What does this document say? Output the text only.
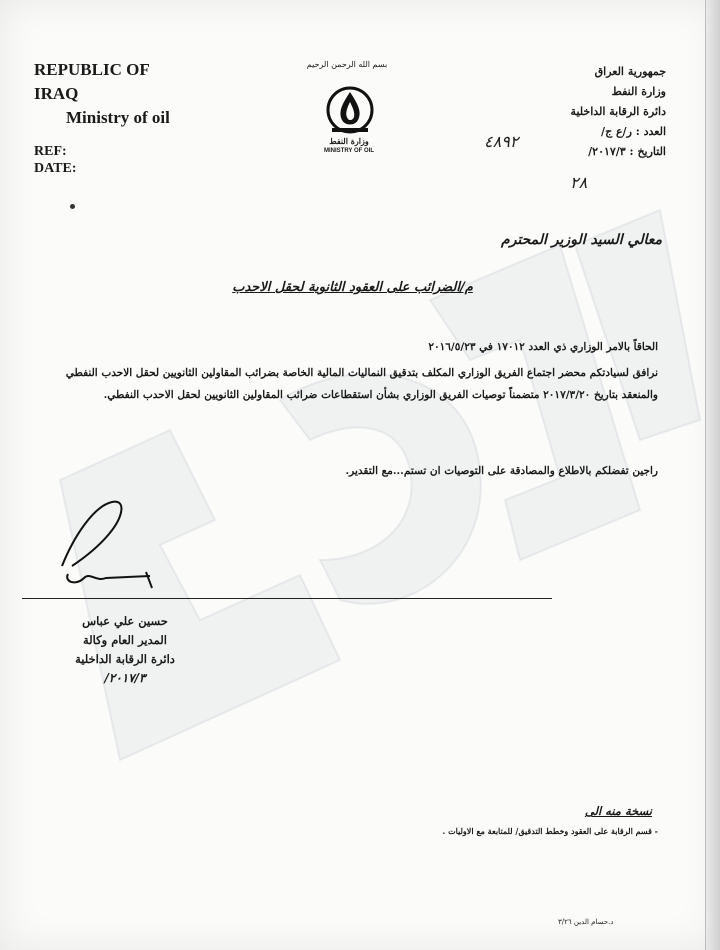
REPUBLIC OF
IRAQ
Ministry of oil
REF:
DATE:
بسم الله الرحمن الرحيم
وزارة النفط
MINISTRY OF OIL
جمهورية العراق
وزارة النفط
دائرة الرقابة الداخلية
العدد : ر/ع ج/
التاريخ : ٢٠١٧/٣/
٤٨٩٢
٢٨
معالي السيد الوزير المحترم
م/الضرائب على العقود الثانوية لحقل الاحدب
الحاقاً بالامر الوزاري ذي العدد ١٧٠١٢ في ٢٠١٦/٥/٢٣
نرافق لسيادتكم محضر اجتماع الفريق الوزاري المكلف بتدقيق النماليات المالية الخاصة بضرائب المقاولين الثانويين لحقل الاحدب النفطي والمنعقد بتاريخ ٢٠١٧/٣/٢٠ متضمناً توصيات الفريق الوزاري بشأن استقطاعات ضرائب المقاولين الثانويين لحقل الاحدب النفطي.
راجين تفضلكم بالاطلاع والمصادقة على التوصيات ان تستم...مع التقدير.
حسين علي عباس
المدير العام وكالة
دائرة الرقابة الداخلية
٢٠١٧/٣/
نسخة منه الى
- قسم الرقابة على العقود وخطط التدقيق/ للمتابعة مع الاوليات .
د.حسام الدين ٣/٢٦
